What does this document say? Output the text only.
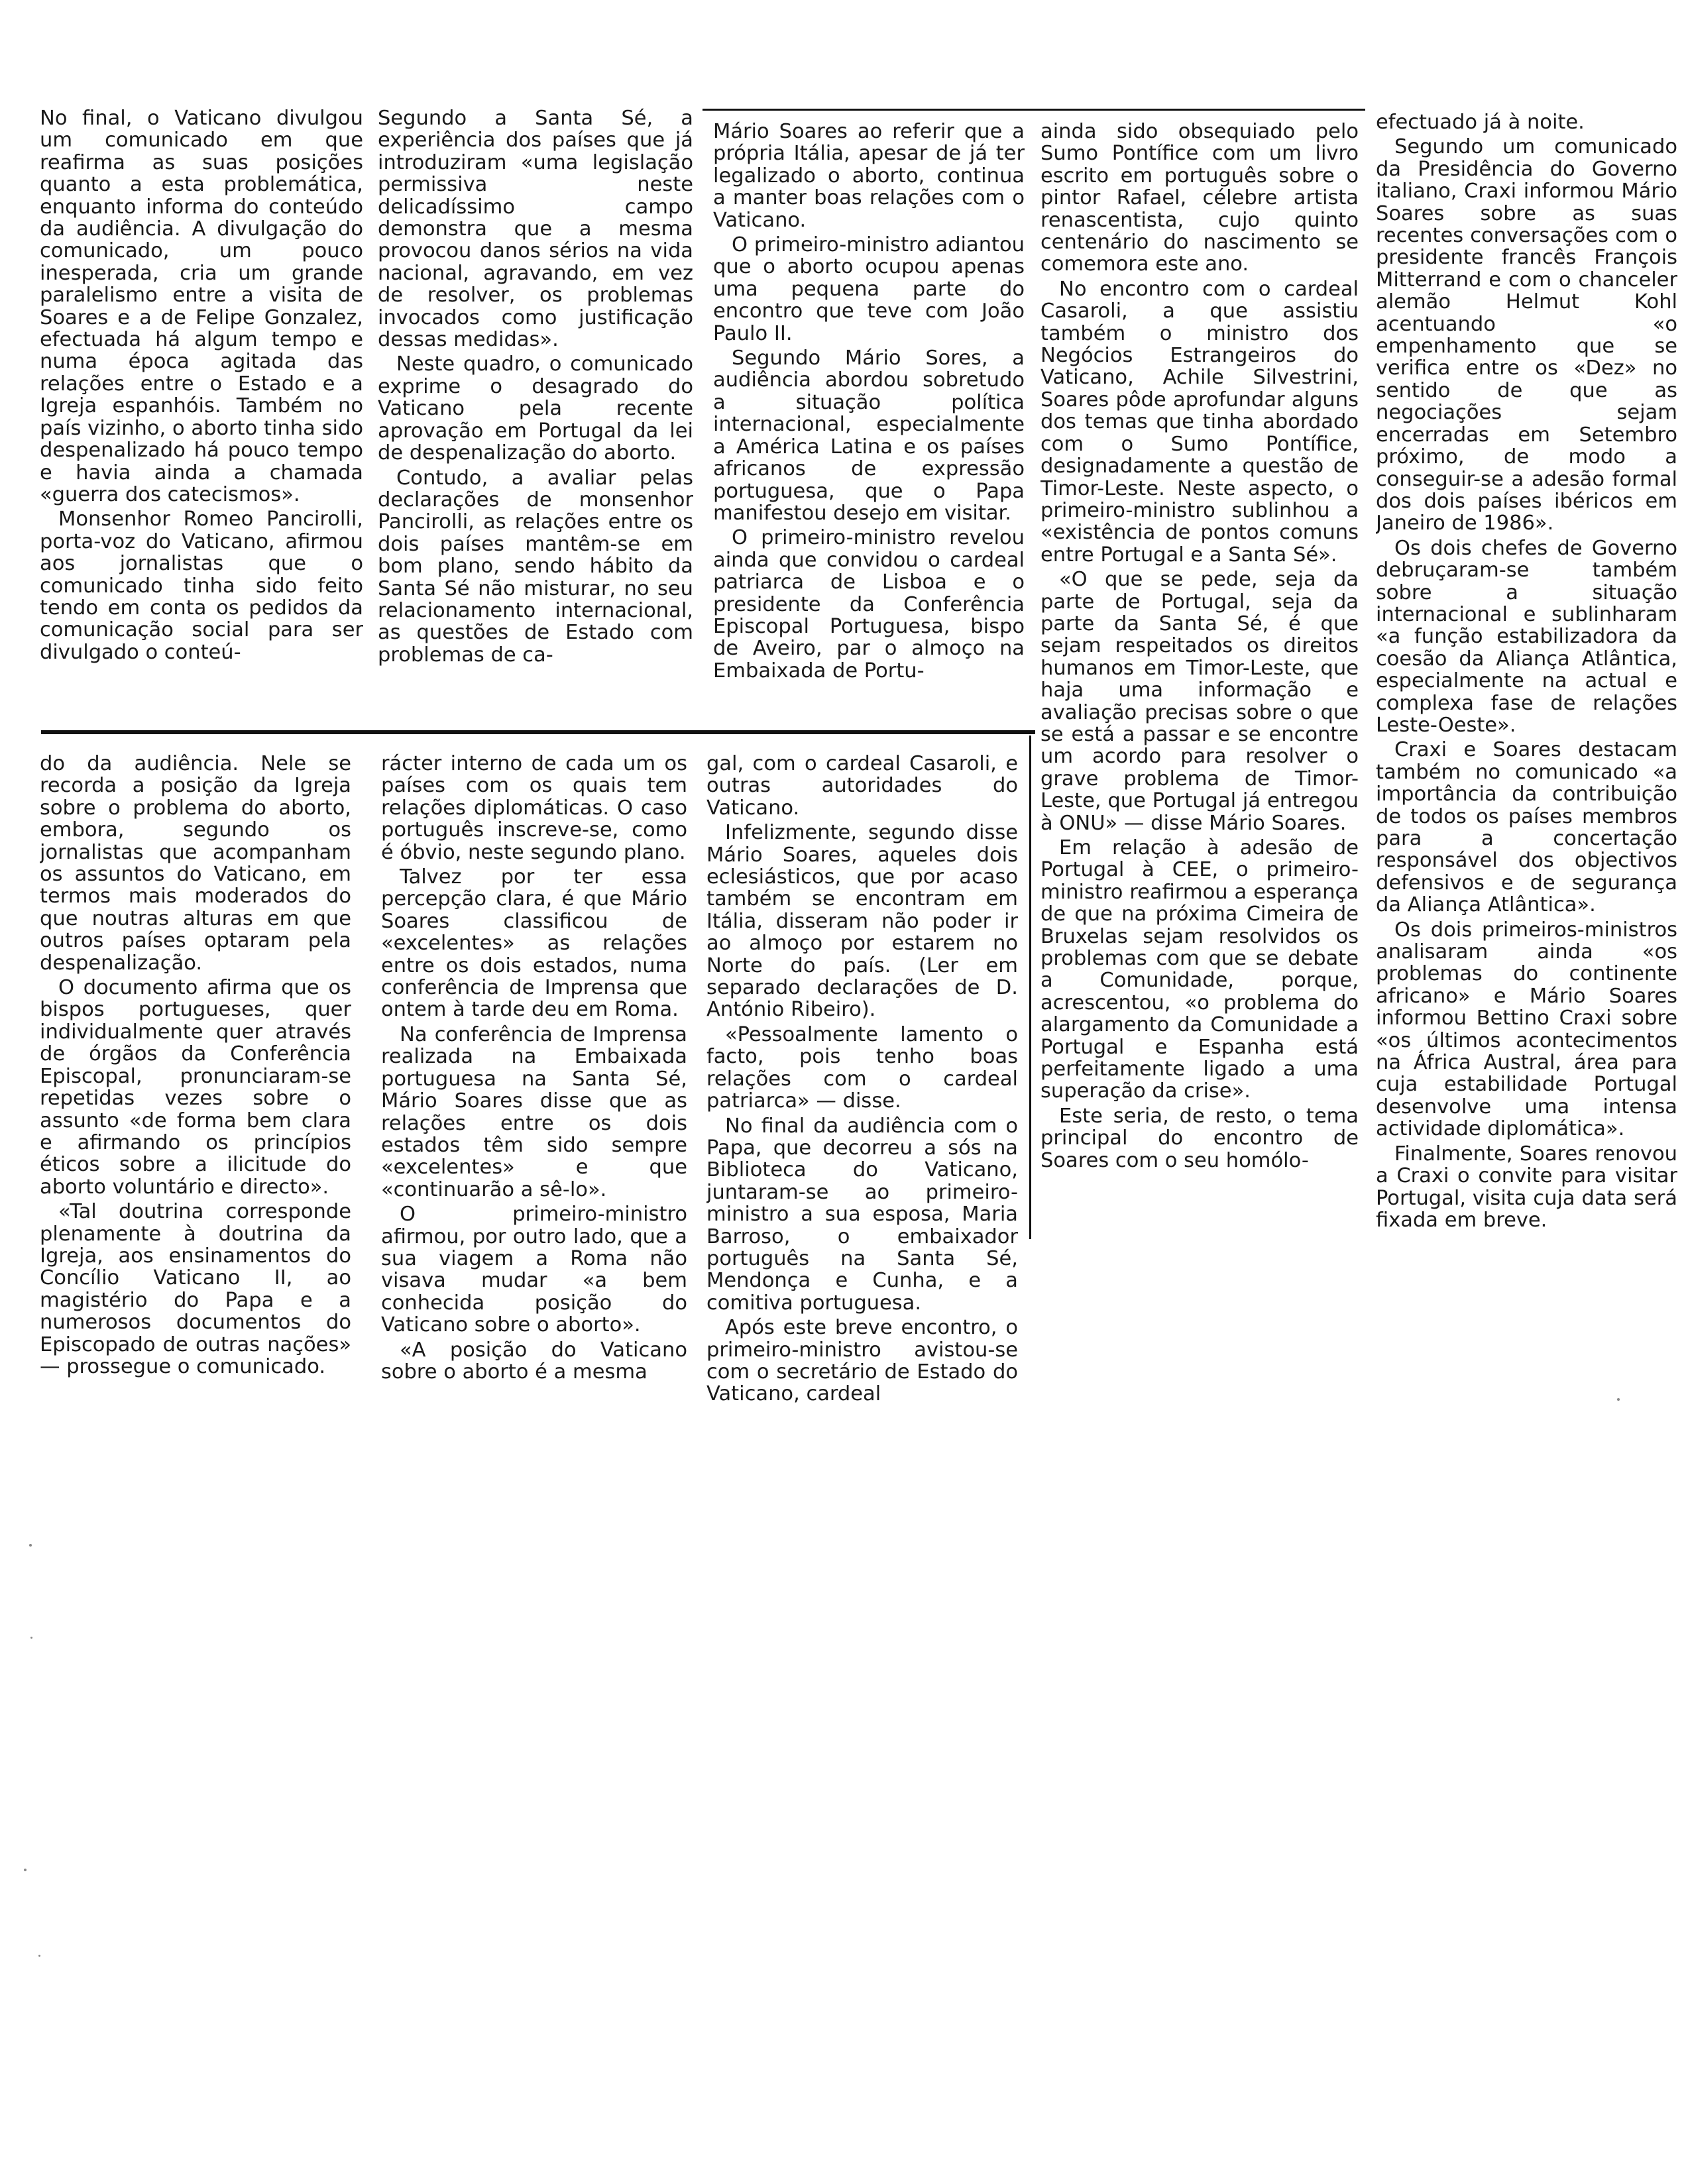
No final, o Vaticano divulgou um comunicado em que reafirma as suas posições quanto a esta problemática, enquanto informa do conteúdo da audiência. A divulgação do comunicado, um pouco inesperada, cria um grande paralelismo entre a visita de Soares e a de Felipe Gonzalez, efectuada há algum tempo e numa época agitada das relações entre o Estado e a Igreja espanhóis. Também no país vizinho, o aborto tinha sido despenalizado há pouco tempo e havia ainda a chamada «guerra dos catecismos».

Monsenhor Romeo Pancirolli, porta-voz do Vaticano, afirmou aos jornalistas que o comunicado tinha sido feito tendo em conta os pedidos da comunicação social para ser divulgado o conteú-

Segundo a Santa Sé, a experiência dos países que já introduziram «uma legislação permissiva neste delicadíssimo campo demonstra que a mesma provocou danos sérios na vida nacional, agravando, em vez de resolver, os problemas invocados como justificação dessas medidas».

Neste quadro, o comunicado exprime o desagrado do Vaticano pela recente aprovação em Portugal da lei de despenalização do aborto.

Contudo, a avaliar pelas declarações de monsenhor Pancirolli, as relações entre os dois países mantêm-se em bom plano, sendo hábito da Santa Sé não misturar, no seu relacionamento internacional, as questões de Estado com problemas de ca-

Mário Soares ao referir que a própria Itália, apesar de já ter legalizado o aborto, continua a manter boas relações com o Vaticano.

O primeiro-ministro adiantou que o aborto ocupou apenas uma pequena parte do encontro que teve com João Paulo II.

Segundo Mário Sores, a audiência abordou sobretudo a situação política internacional, especialmente a América Latina e os países africanos de expressão portuguesa, que o Papa manifestou desejo em visitar.

O primeiro-ministro revelou ainda que convidou o cardeal patriarca de Lisboa e o presidente da Conferência Episcopal Portuguesa, bispo de Aveiro, par o almoço na Embaixada de Portu-

ainda sido obsequiado pelo Sumo Pontífice com um livro escrito em português sobre o pintor Rafael, célebre artista renascentista, cujo quinto centenário do nascimento se comemora este ano.

No encontro com o cardeal Casaroli, a que assistiu também o ministro dos Negócios Estrangeiros do Vaticano, Achile Silvestrini, Soares pôde aprofundar alguns dos temas que tinha abordado com o Sumo Pontífice, designadamente a questão de Timor-Leste. Neste aspecto, o primeiro-ministro sublinhou a «existência de pontos comuns entre Portugal e a Santa Sé».

«O que se pede, seja da parte de Portugal, seja da parte da Santa Sé, é que sejam respeitados os direitos humanos em Timor-Leste, que haja uma informação e avaliação precisas sobre o que se está a passar e se encontre um acordo para resolver o grave problema de Timor-Leste, que Portugal já entregou à ONU» — disse Mário Soares.

Em relação à adesão de Portugal à CEE, o primeiro-ministro reafirmou a esperança de que na próxima Cimeira de Bruxelas sejam resolvidos os problemas com que se debate a Comunidade, porque, acrescentou, «o problema do alargamento da Comunidade a Portugal e Espanha está perfeitamente ligado a uma superação da crise».

Este seria, de resto, o tema principal do encontro de Soares com o seu homólo-

efectuado já à noite.

Segundo um comunicado da Presidência do Governo italiano, Craxi informou Mário Soares sobre as suas recentes conversações com o presidente francês François Mitterrand e com o chanceler alemão Helmut Kohl acentuando «o empenhamento que se verifica entre os «Dez» no sentido de que as negociações sejam encerradas em Setembro próximo, de modo a conseguir-se a adesão formal dos dois países ibéricos em Janeiro de 1986».

Os dois chefes de Governo debruçaram-se também sobre a situação internacional e sublinharam «a função estabilizadora da coesão da Aliança Atlântica, especialmente na actual e complexa fase de relações Leste-Oeste».

Craxi e Soares destacam também no comunicado «a importância da contribuição de todos os países membros para a concertação responsável dos objectivos defensivos e de segurança da Aliança Atlântica».

Os dois primeiros-ministros analisaram ainda «os problemas do continente africano» e Mário Soares informou Bettino Craxi sobre «os últimos acontecimentos na África Austral, área para cuja estabilidade Portugal desenvolve uma intensa actividade diplomática».

Finalmente, Soares renovou a Craxi o convite para visitar Portugal, visita cuja data será fixada em breve.

do da audiência. Nele se recorda a posição da Igreja sobre o problema do aborto, embora, segundo os jornalistas que acompanham os assuntos do Vaticano, em termos mais moderados do que noutras alturas em que outros países optaram pela despenalização.

O documento afirma que os bispos portugueses, quer individualmente quer através de órgãos da Conferência Episcopal, pronunciaram-se repetidas vezes sobre o assunto «de forma bem clara e afirmando os princípios éticos sobre a ilicitude do aborto voluntário e directo».

«Tal doutrina corresponde plenamente à doutrina da Igreja, aos ensinamentos do Concílio Vaticano II, ao magistério do Papa e a numerosos documentos do Episcopado de outras nações» — prossegue o comunicado.

rácter interno de cada um os países com os quais tem relações diplomáticas. O caso português inscreve-se, como é óbvio, neste segundo plano.

Talvez por ter essa percepção clara, é que Mário Soares classificou de «excelentes» as relações entre os dois estados, numa conferência de Imprensa que ontem à tarde deu em Roma.

Na conferência de Imprensa realizada na Embaixada portuguesa na Santa Sé, Mário Soares disse que as relações entre os dois estados têm sido sempre «excelentes» e que «continuarão a sê-lo».

O primeiro-ministro afirmou, por outro lado, que a sua viagem a Roma não visava mudar «a bem conhecida posição do Vaticano sobre o aborto».

«A posição do Vaticano sobre o aborto é a mesma

gal, com o cardeal Casaroli, e outras autoridades do Vaticano.

Infelizmente, segundo disse Mário Soares, aqueles dois eclesiásticos, que por acaso também se encontram em Itália, disseram não poder ir ao almoço por estarem no Norte do país. (Ler em separado declarações de D. António Ribeiro).

«Pessoalmente lamento o facto, pois tenho boas relações com o cardeal patriarca» — disse.

No final da audiência com o Papa, que decorreu a sós na Biblioteca do Vaticano, juntaram-se ao primeiro-ministro a sua esposa, Maria Barroso, o embaixador português na Santa Sé, Mendonça e Cunha, e a comitiva portuguesa.

Após este breve encontro, o primeiro-ministro avistou-se com o secretário de Estado do Vaticano, cardeal
